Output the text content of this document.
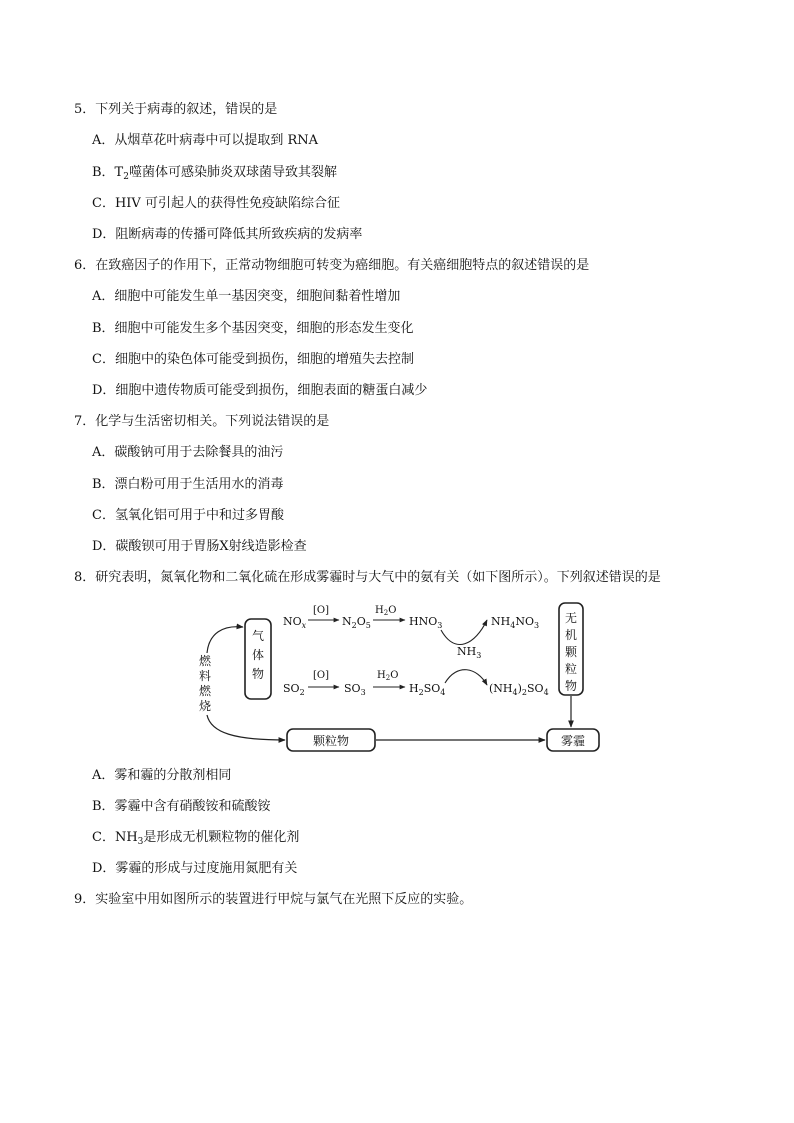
5．下列关于病毒的叙述，错误的是
A．从烟草花叶病毒中可以提取到 RNA
B．$T_2$噬菌体可感染肺炎双球菌导致其裂解
C．HIV 可引起人的获得性免疫缺陷综合征
D．阻断病毒的传播可降低其所致疾病的发病率
6．在致癌因子的作用下，正常动物细胞可转变为癌细胞。有关癌细胞特点的叙述错误的是
A．细胞中可能发生单一基因突变，细胞间黏着性增加
B．细胞中可能发生多个基因突变，细胞的形态发生变化
C．细胞中的染色体可能受到损伤，细胞的增殖失去控制
D．细胞中遗传物质可能受到损伤，细胞表面的糖蛋白减少
7．化学与生活密切相关。下列说法错误的是
A．碳酸钠可用于去除餐具的油污
B．漂白粉可用于生活用水的消毒
C．氢氧化铝可用于中和过多胃酸
D．碳酸钡可用于胃肠X射线造影检查
8．研究表明，氮氧化物和二氧化硫在形成雾霾时与大气中的氨有关（如下图所示）。下列叙述错误的是
气
体
物
无
机
颗
粒
物
颗粒物	雾霾
燃
料
燃
烧
$NO_x$
[O]
$N_2O_5$
$H_2O$
$HNO_3$	$NH_4NO_3$
$NH_3$
$SO_2$
[O]
$SO_3$
$H_2O$
$H_2SO_4$	$(NH_4)_2SO_4$
A．雾和霾的分散剂相同
B．雾霾中含有硝酸铵和硫酸铵
C．$NH_3$是形成无机颗粒物的催化剂
D．雾霾的形成与过度施用氮肥有关
9．实验室中用如图所示的装置进行甲烷与氯气在光照下反应的实验。
